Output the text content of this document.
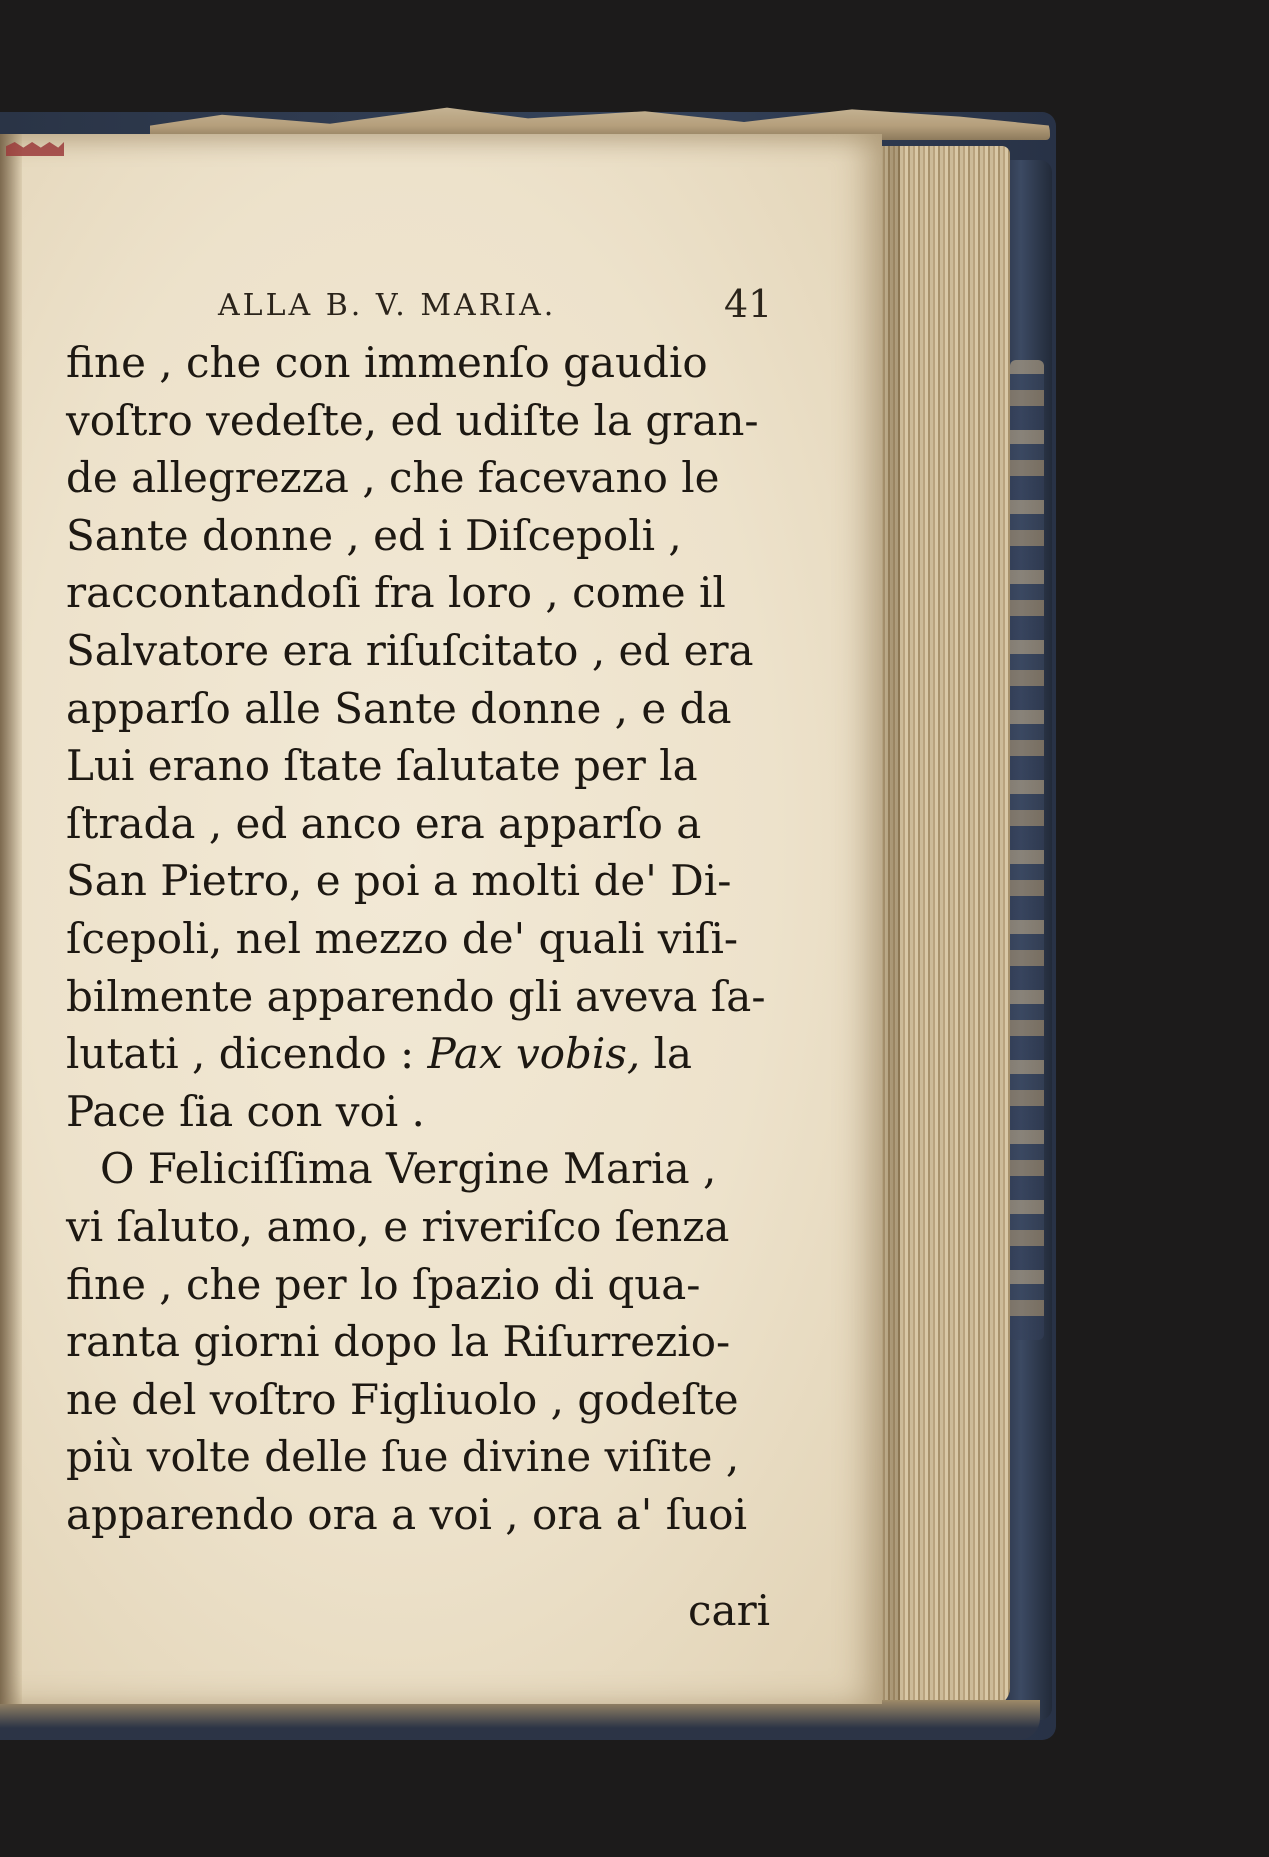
ALLA B. V. MARIA.	41
fine , che con immenſo gaudio
voſtro vedeſte, ed udiſte la gran-
de allegrezza , che facevano le
Sante donne , ed i Diſcepoli ,
raccontandoſi fra loro , come il
Salvatore era riſuſcitato , ed era
apparſo alle Sante donne , e da
Lui erano ſtate ſalutate per la
ſtrada , ed anco era apparſo a
San Pietro, e poi a molti de' Di-
ſcepoli, nel mezzo de' quali viſi-
bilmente apparendo gli aveva ſa-
lutati , dicendo : Pax vobis, la
Pace ſia con voi .
O Feliciſſima Vergine Maria ,
vi ſaluto, amo, e riveriſco ſenza
fine , che per lo ſpazio di qua-
ranta giorni dopo la Riſurrezio-
ne del voſtro Figliuolo , godeſte
più volte delle ſue divine viſite ,
apparendo ora a voi , ora a' ſuoi
cari
